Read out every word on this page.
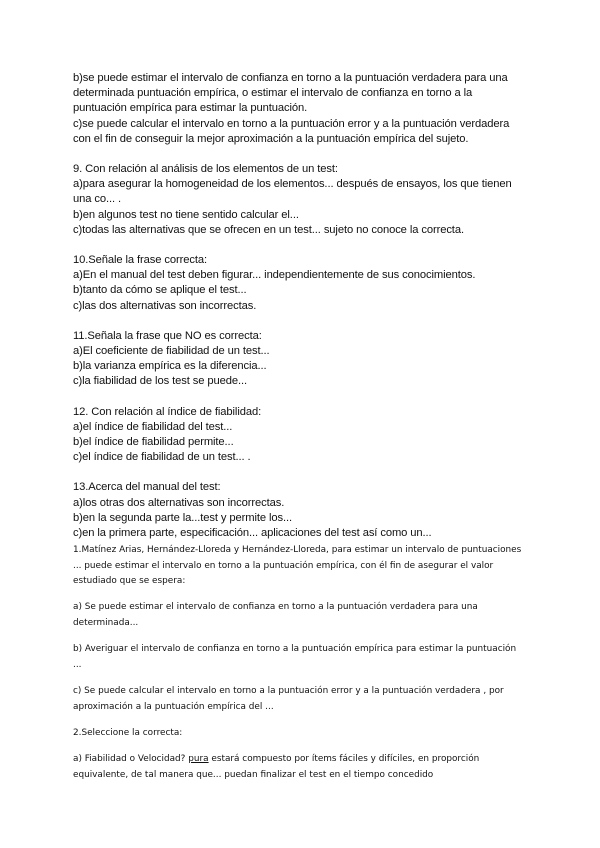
b)se puede estimar el intervalo de confianza en torno a la puntuación verdadera para una
determinada puntuación empírica, o estimar el intervalo de confianza en torno a la
puntuación empírica para estimar la puntuación.
c)se puede calcular el intervalo en torno a la puntuación error y a la puntuación verdadera
con el fin de conseguir la mejor aproximación a la puntuación empírica del sujeto.
9. Con relación al análisis de los elementos de un test:
a)para asegurar la homogeneidad de los elementos... después de ensayos, los que tienen
una co... .
b)en algunos test no tiene sentido calcular el...
c)todas las alternativas que se ofrecen en un test... sujeto no conoce la correcta.
10.Señale la frase correcta:
a)En el manual del test deben figurar... independientemente de sus conocimientos.
b)tanto da cómo se aplique el test...
c)las dos alternativas son incorrectas.
11.Señala la frase que NO es correcta:
a)El coeficiente de fiabilidad de un test...
b)la varianza empírica es la diferencia...
c)la fiabilidad de los test se puede...
12. Con relación al índice de fiabilidad:
a)el índice de fiabilidad del test...
b)el índice de fiabilidad permite...
c)el índice de fiabilidad de un test... .
13.Acerca del manual del test:
a)los otras dos alternativas son incorrectas.
b)en la segunda parte la...test y permite los...
c)en la primera parte, especificación... aplicaciones del test así como un...
1.Matínez Arias, Hernández-Lloreda y Hernández-Lloreda, para estimar un intervalo de puntuaciones
... puede estimar el intervalo en torno a la puntuación empírica, con él fin de asegurar el valor
estudiado que se espera:
a) Se puede estimar el intervalo de confianza en torno a la puntuación verdadera para una
determinada...
b) Averiguar el intervalo de confianza en torno a la puntuación empírica para estimar la puntuación
...
c) Se puede calcular el intervalo en torno a la puntuación error y a la puntuación verdadera , por
aproximación a la puntuación empírica del ...
2.Seleccione la correcta:
a) Fiabilidad o Velocidad? pura estará compuesto por ítems fáciles y difíciles, en proporción
equivalente, de tal manera que... puedan finalizar el test en el tiempo concedido
